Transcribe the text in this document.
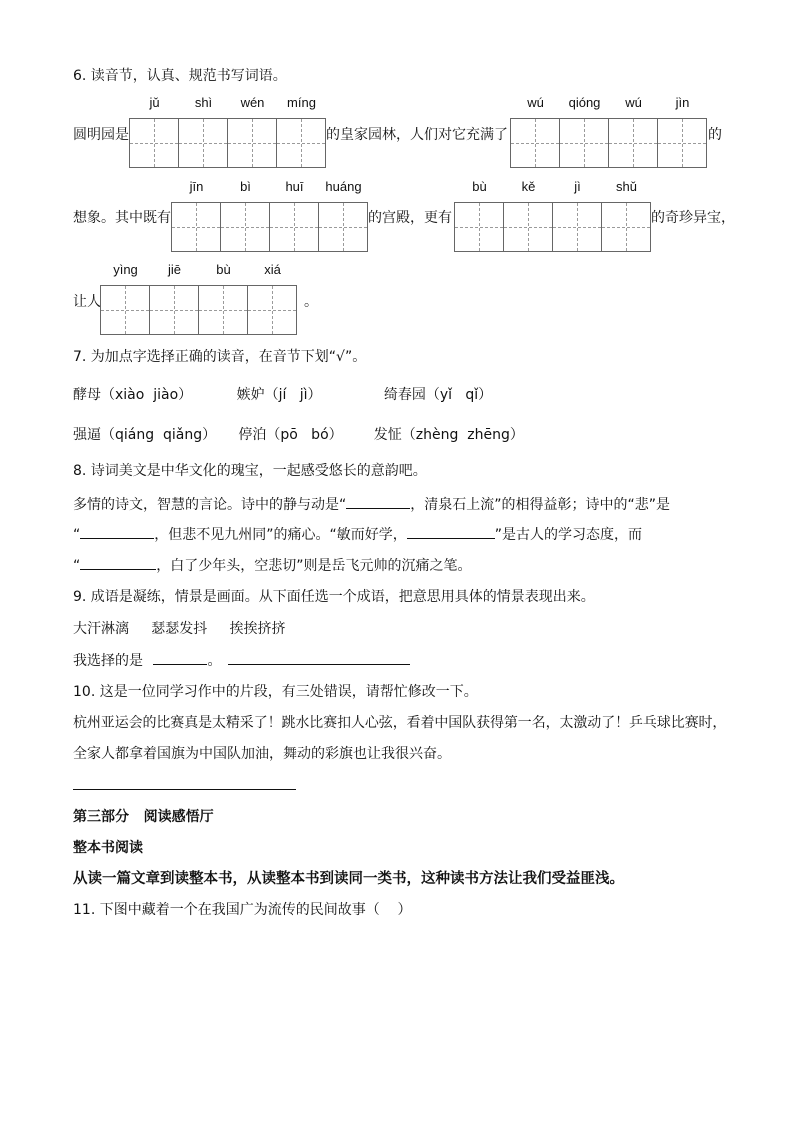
6. 读音节，认真、规范书写词语。
圆明园是
jǔ	shì	wén	míng
的皇家园林，人们对它充满了
wú	qióng	wú	jìn
的
想象。其中既有
jīn	bì	huī	huáng
的宫殿，更有
bù	kě	jì	shǔ
的奇珍异宝，
让人
yìng	jiē	bù	xiá
。
7. 为加点字选择正确的读音，在音节下划“√”。
酵母（xiào  jiào）          嫉妒（jí   jì）              绮春园（yǐ   qǐ）
强逼（qiáng  qiǎng）     停泊（pō   bó）       发怔（zhèng  zhēng）
8. 诗词美文是中华文化的瑰宝，一起感受悠长的意韵吧。
多情的诗文，智慧的言论。诗中的静与动是“	，清泉石上流”的相得益彰；诗中的“悲”是
“	，但悲不见九州同”的痛心。“敏而好学，	”是古人的学习态度，而
“	，白了少年头，空悲切”则是岳飞元帅的沉痛之笔。
9. 成语是凝练，情景是画面。从下面任选一个成语，把意思用具体的情景表现出来。
大汗淋漓     瑟瑟发抖     挨挨挤挤
我选择的是	。
10. 这是一位同学习作中的片段，有三处错误，请帮忙修改一下。
杭州亚运会的比赛真是太精采了！跳水比赛扣人心弦，看着中国队获得第一名，太激动了！乒乓球比赛时，
全家人都拿着国旗为中国队加油，舞动的彩旗也让我很兴奋。
第三部分   阅读感悟厅
整本书阅读
从读一篇文章到读整本书，从读整本书到读同一类书，这种读书方法让我们受益匪浅。
11. 下图中藏着一个在我国广为流传的民间故事（    ）
